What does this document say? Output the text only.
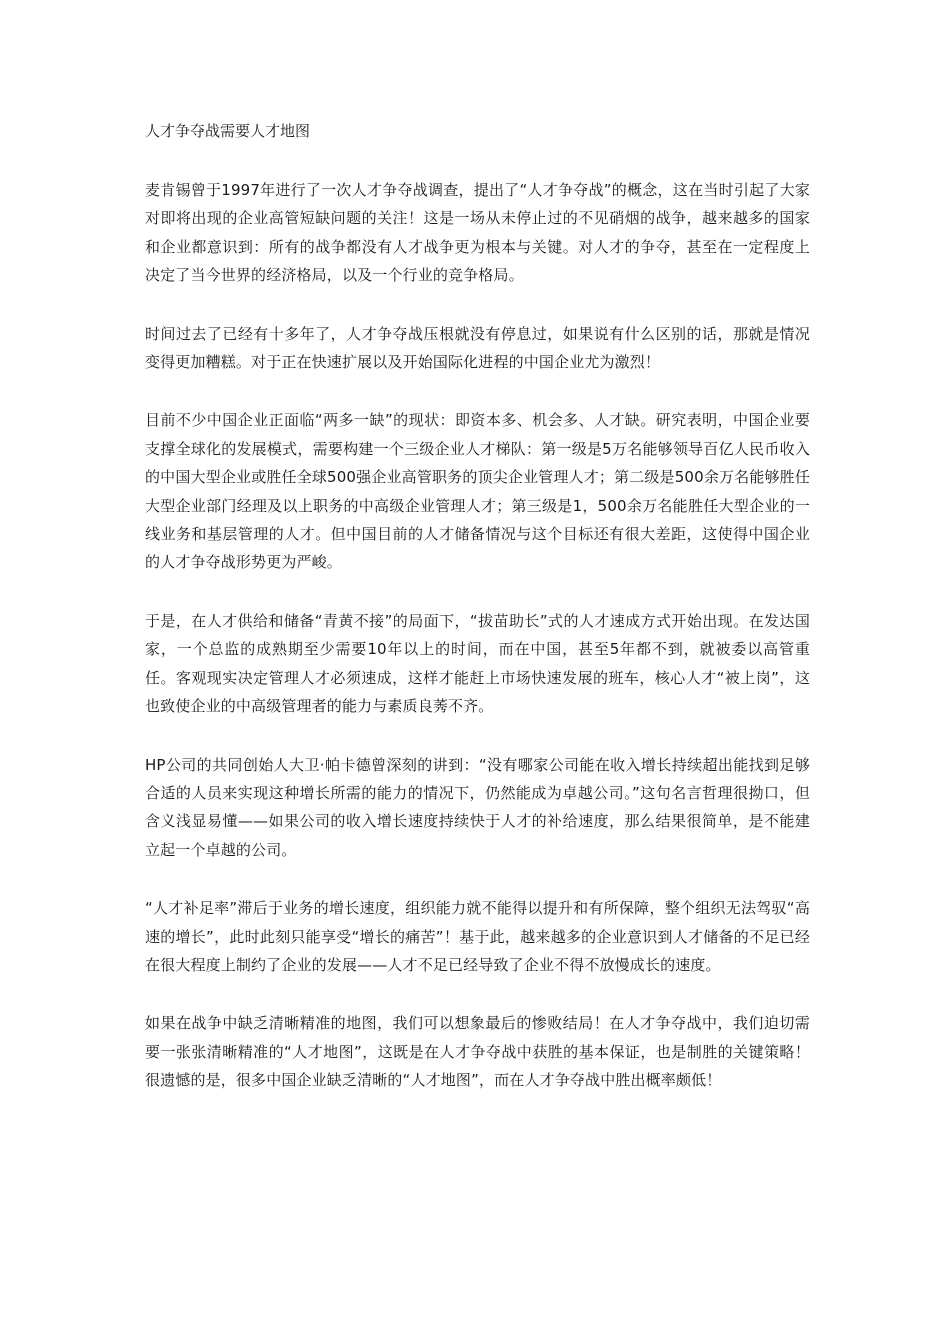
人才争夺战需要人才地图

麦肯锡曾于1997年进行了一次人才争夺战调查，提出了“人才争夺战”的概念，这在当时引起了大家对即将出现的企业高管短缺问题的关注！这是一场从未停止过的不见硝烟的战争，越来越多的国家和企业都意识到：所有的战争都没有人才战争更为根本与关键。对人才的争夺，甚至在一定程度上决定了当今世界的经济格局，以及一个行业的竞争格局。

时间过去了已经有十多年了，人才争夺战压根就没有停息过，如果说有什么区别的话，那就是情况变得更加糟糕。对于正在快速扩展以及开始国际化进程的中国企业尤为激烈！

目前不少中国企业正面临“两多一缺”的现状：即资本多、机会多、人才缺。研究表明，中国企业要支撑全球化的发展模式，需要构建一个三级企业人才梯队：第一级是5万名能够领导百亿人民币收入的中国大型企业或胜任全球500强企业高管职务的顶尖企业管理人才；第二级是500余万名能够胜任大型企业部门经理及以上职务的中高级企业管理人才；第三级是1，500余万名能胜任大型企业的一线业务和基层管理的人才。但中国目前的人才储备情况与这个目标还有很大差距，这使得中国企业的人才争夺战形势更为严峻。

于是，在人才供给和储备“青黄不接”的局面下，“拔苗助长”式的人才速成方式开始出现。在发达国家，一个总监的成熟期至少需要10年以上的时间，而在中国，甚至5年都不到，就被委以高管重任。客观现实决定管理人才必须速成，这样才能赶上市场快速发展的班车，核心人才“被上岗”，这也致使企业的中高级管理者的能力与素质良莠不齐。

HP公司的共同创始人大卫·帕卡德曾深刻的讲到：“没有哪家公司能在收入增长持续超出能找到足够合适的人员来实现这种增长所需的能力的情况下，仍然能成为卓越公司。”这句名言哲理很拗口，但含义浅显易懂——如果公司的收入增长速度持续快于人才的补给速度，那么结果很简单，是不能建立起一个卓越的公司。

“人才补足率”滞后于业务的增长速度，组织能力就不能得以提升和有所保障，整个组织无法驾驭“高速的增长”，此时此刻只能享受“增长的痛苦”！基于此，越来越多的企业意识到人才储备的不足已经在很大程度上制约了企业的发展——人才不足已经导致了企业不得不放慢成长的速度。

如果在战争中缺乏清晰精准的地图，我们可以想象最后的惨败结局！在人才争夺战中，我们迫切需要一张张清晰精准的“人才地图”，这既是在人才争夺战中获胜的基本保证，也是制胜的关键策略！很遗憾的是，很多中国企业缺乏清晰的“人才地图”，而在人才争夺战中胜出概率颇低！
